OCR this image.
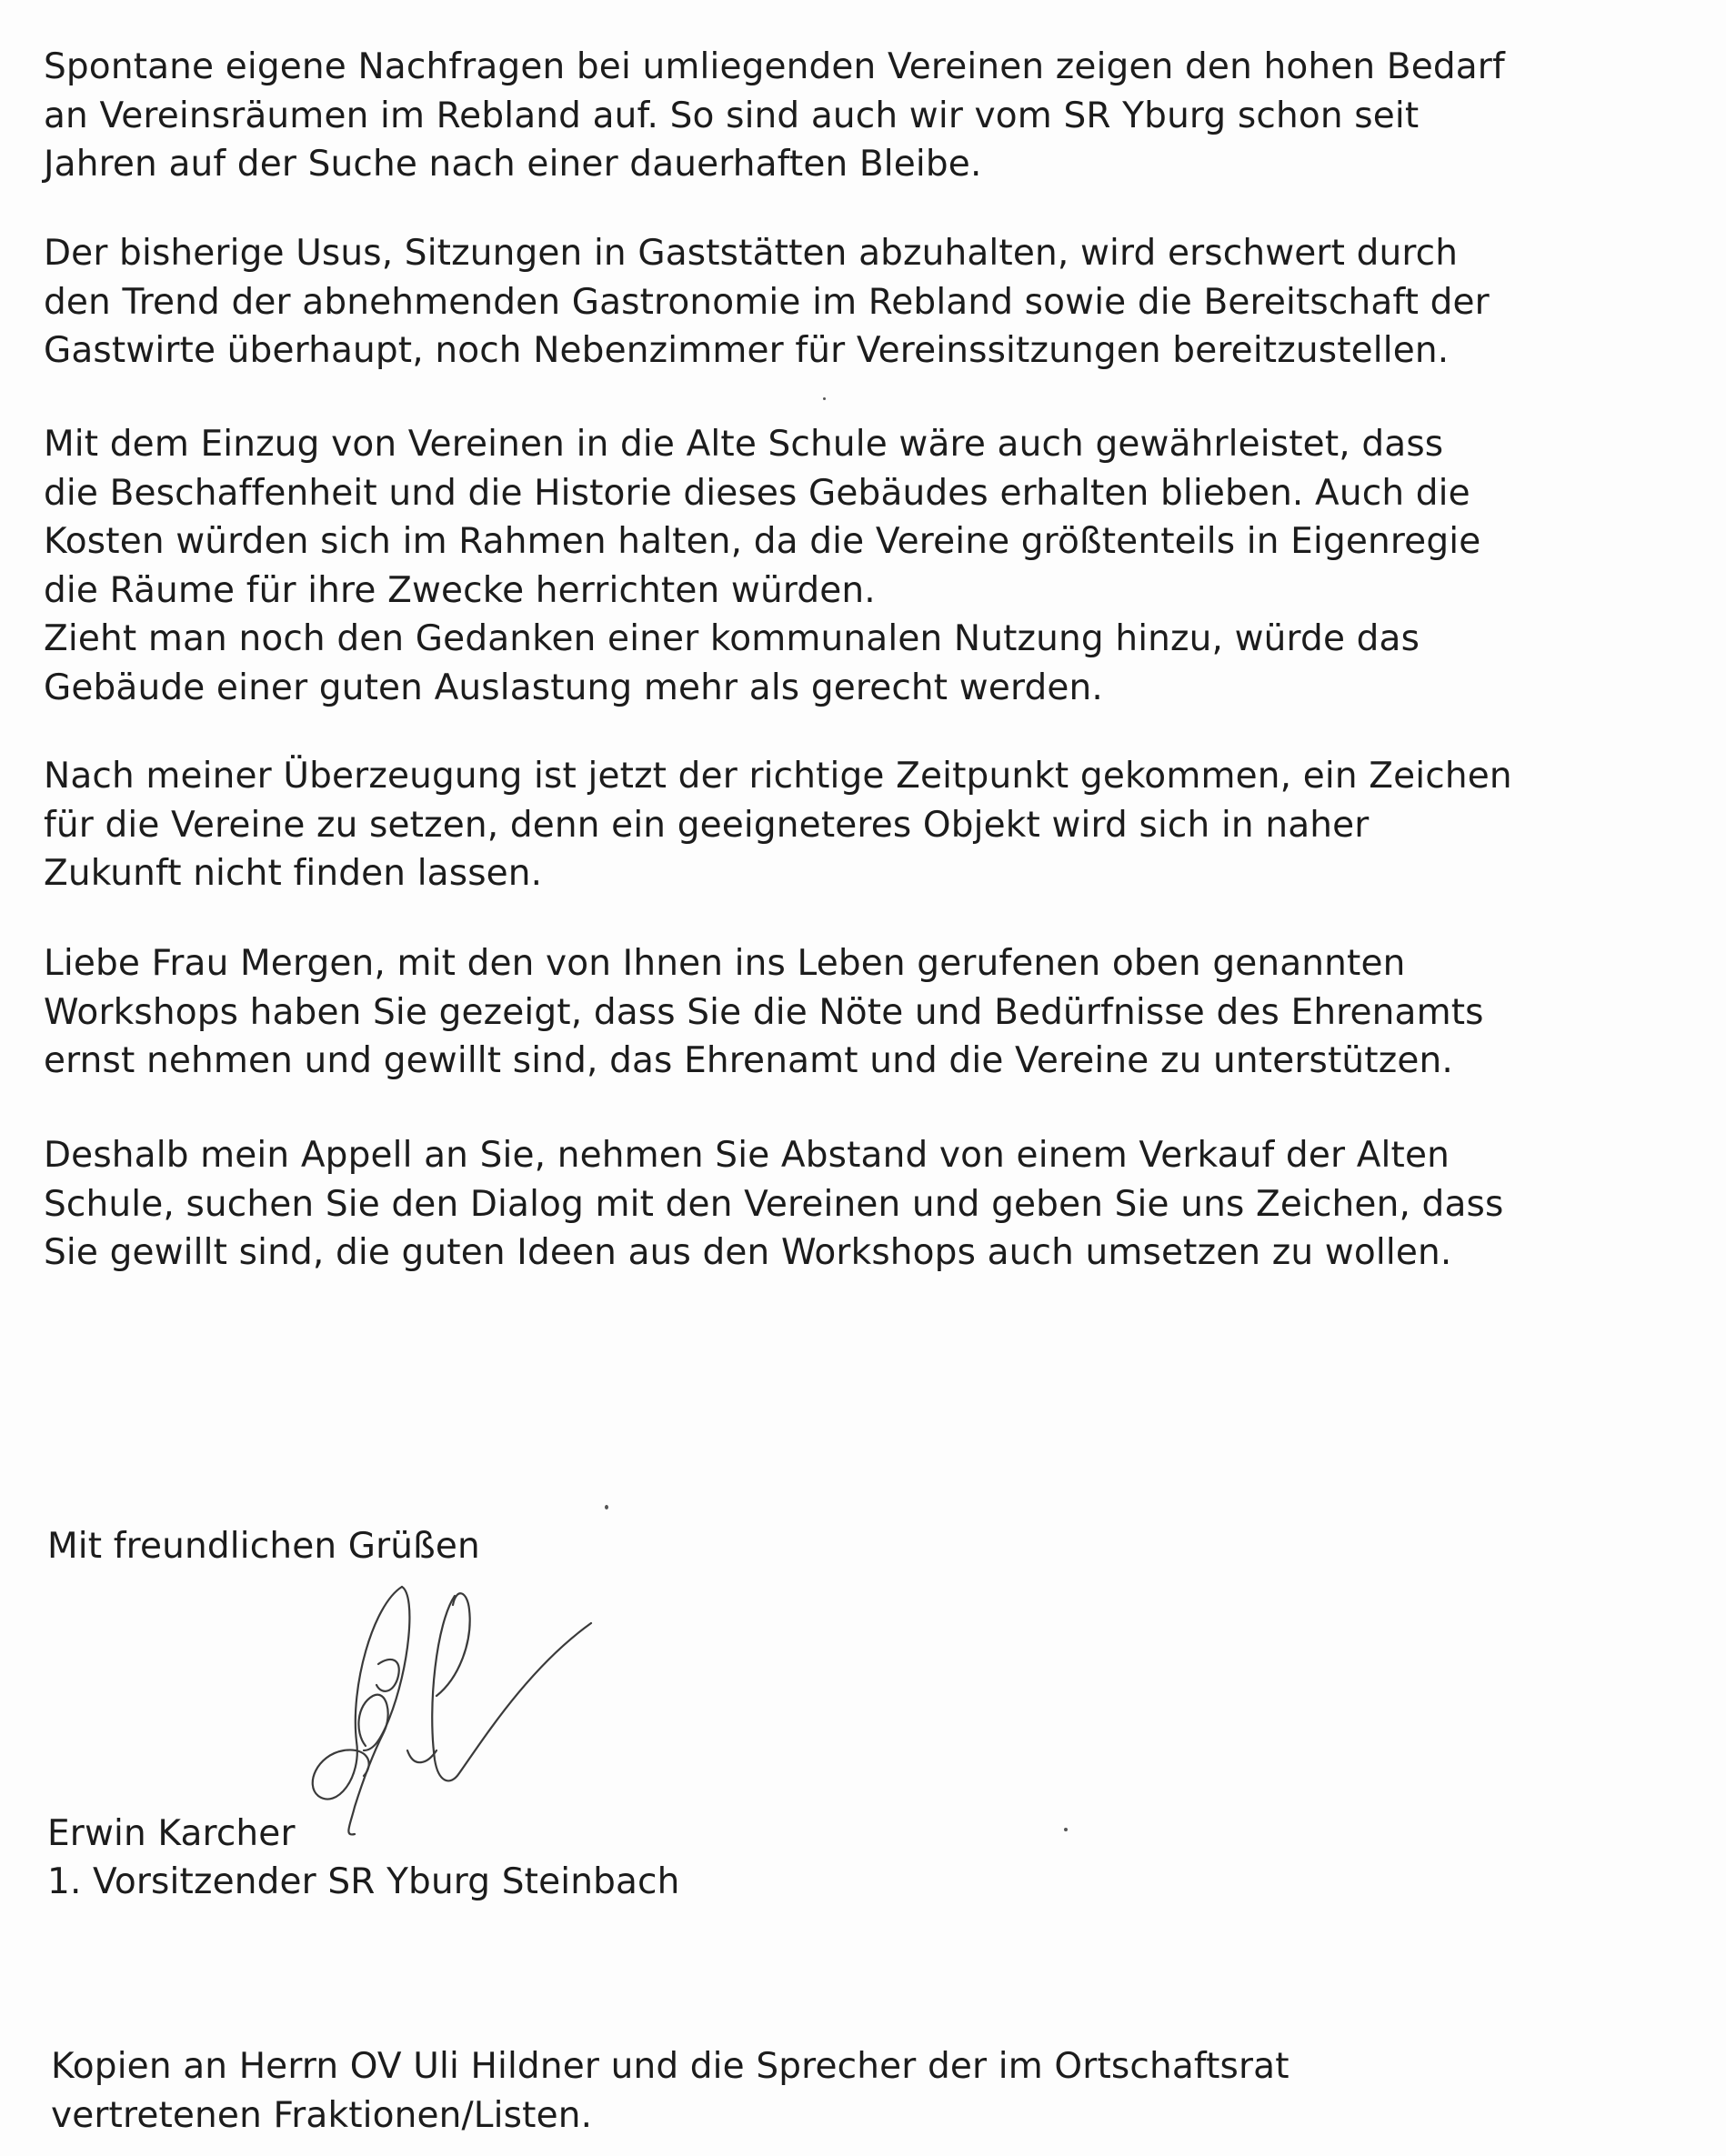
Spontane eigene Nachfragen bei umliegenden Vereinen zeigen den hohen Bedarf
an Vereinsräumen im Rebland auf. So sind auch wir vom SR Yburg schon seit
Jahren auf der Suche nach einer dauerhaften Bleibe.

Der bisherige Usus, Sitzungen in Gaststätten abzuhalten, wird erschwert durch
den Trend der abnehmenden Gastronomie im Rebland sowie die Bereitschaft der
Gastwirte überhaupt, noch Nebenzimmer für Vereinssitzungen bereitzustellen.

Mit dem Einzug von Vereinen in die Alte Schule wäre auch gewährleistet, dass
die Beschaffenheit und die Historie dieses Gebäudes erhalten blieben. Auch die
Kosten würden sich im Rahmen halten, da die Vereine größtenteils in Eigenregie
die Räume für ihre Zwecke herrichten würden.
Zieht man noch den Gedanken einer kommunalen Nutzung hinzu, würde das
Gebäude einer guten Auslastung mehr als gerecht werden.

Nach meiner Überzeugung ist jetzt der richtige Zeitpunkt gekommen, ein Zeichen
für die Vereine zu setzen, denn ein geeigneteres Objekt wird sich in naher
Zukunft nicht finden lassen.

Liebe Frau Mergen, mit den von Ihnen ins Leben gerufenen oben genannten
Workshops haben Sie gezeigt, dass Sie die Nöte und Bedürfnisse des Ehrenamts
ernst nehmen und gewillt sind, das Ehrenamt und die Vereine zu unterstützen.

Deshalb mein Appell an Sie, nehmen Sie Abstand von einem Verkauf der Alten
Schule, suchen Sie den Dialog mit den Vereinen und geben Sie uns Zeichen, dass
Sie gewillt sind, die guten Ideen aus den Workshops auch umsetzen zu wollen.

Mit freundlichen Grüßen

Erwin Karcher

1. Vorsitzender SR Yburg Steinbach

Kopien an Herrn OV Uli Hildner und die Sprecher der im Ortschaftsrat
vertretenen Fraktionen/Listen.
